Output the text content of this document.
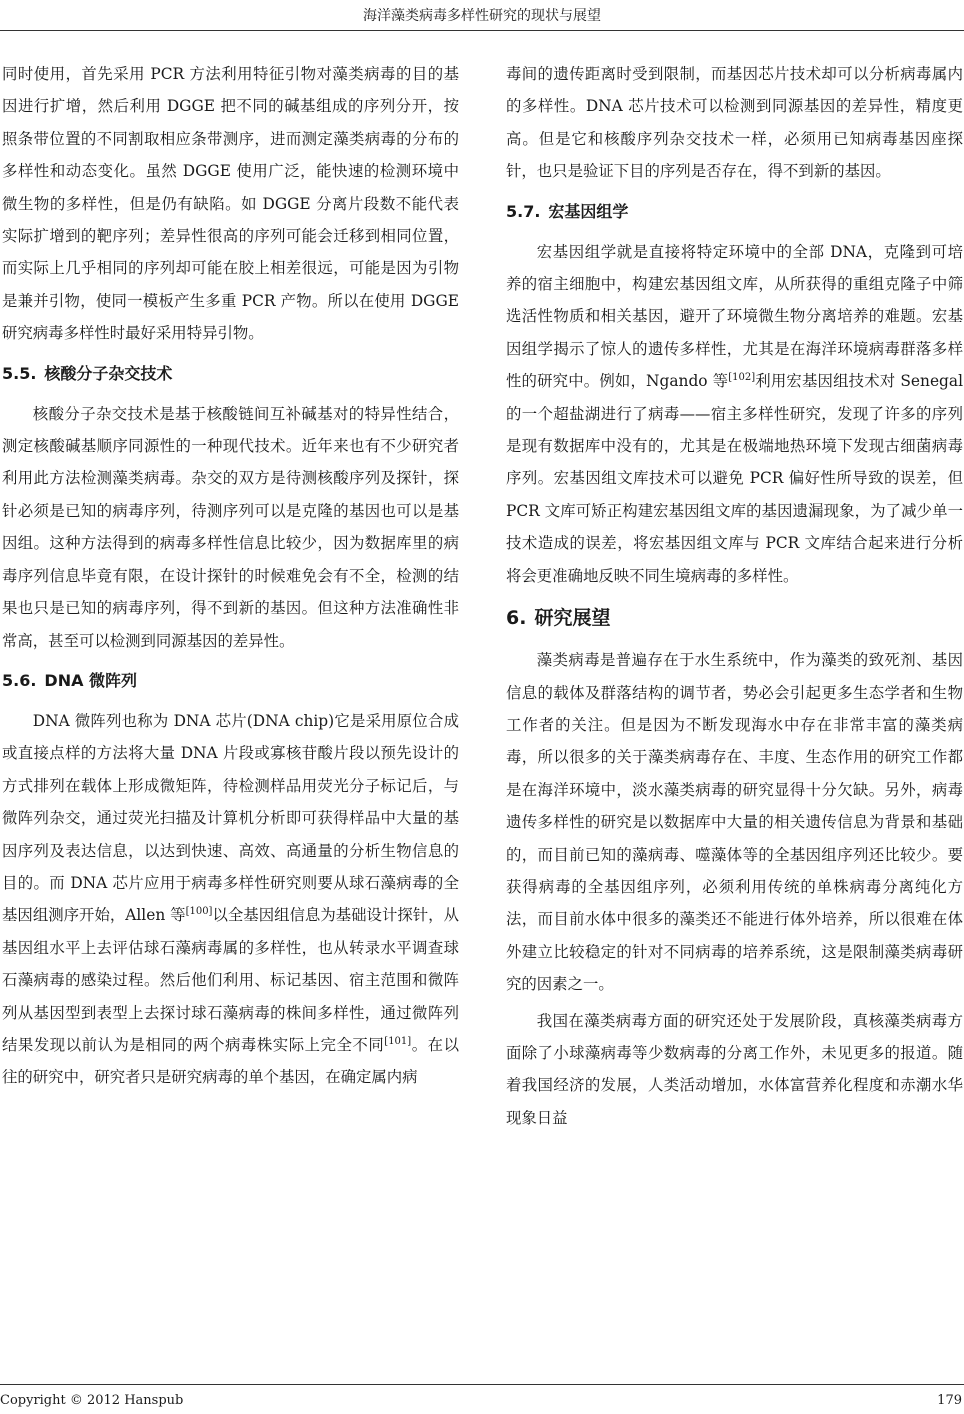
海洋藻类病毒多样性研究的现状与展望

同时使用，首先采用 PCR 方法利用特征引物对藻类病毒的目的基因进行扩增，然后利用 DGGE 把不同的碱基组成的序列分开，按照条带位置的不同割取相应条带测序，进而测定藻类病毒的分布的多样性和动态变化。虽然 DGGE 使用广泛，能快速的检测环境中微生物的多样性，但是仍有缺陷。如 DGGE 分离片段数不能代表实际扩增到的靶序列；差异性很高的序列可能会迁移到相同位置，而实际上几乎相同的序列却可能在胶上相差很远，可能是因为引物是兼并引物，使同一模板产生多重 PCR 产物。所以在使用 DGGE 研究病毒多样性时最好采用特异引物。

5.5. 核酸分子杂交技术

核酸分子杂交技术是基于核酸链间互补碱基对的特异性结合，测定核酸碱基顺序同源性的一种现代技术。近年来也有不少研究者利用此方法检测藻类病毒。杂交的双方是待测核酸序列及探针，探针必须是已知的病毒序列，待测序列可以是克隆的基因也可以是基因组。这种方法得到的病毒多样性信息比较少，因为数据库里的病毒序列信息毕竟有限，在设计探针的时候难免会有不全，检测的结果也只是已知的病毒序列，得不到新的基因。但这种方法准确性非常高，甚至可以检测到同源基因的差异性。

5.6. DNA 微阵列

DNA 微阵列也称为 DNA 芯片(DNA chip)它是采用原位合成或直接点样的方法将大量 DNA 片段或寡核苷酸片段以预先设计的方式排列在载体上形成微矩阵，待检测样品用荧光分子标记后，与微阵列杂交，通过荧光扫描及计算机分析即可获得样品中大量的基因序列及表达信息，以达到快速、高效、高通量的分析生物信息的目的。而 DNA 芯片应用于病毒多样性研究则要从球石藻病毒的全基因组测序开始，Allen 等[100]以全基因组信息为基础设计探针，从基因组水平上去评估球石藻病毒属的多样性，也从转录水平调查球石藻病毒的感染过程。然后他们利用、标记基因、宿主范围和微阵列从基因型到表型上去探讨球石藻病毒的株间多样性，通过微阵列结果发现以前认为是相同的两个病毒株实际上完全不同[101]。在以往的研究中，研究者只是研究病毒的单个基因，在确定属内病

毒间的遗传距离时受到限制，而基因芯片技术却可以分析病毒属内的多样性。DNA 芯片技术可以检测到同源基因的差异性，精度更高。但是它和核酸序列杂交技术一样，必须用已知病毒基因座探针，也只是验证下目的序列是否存在，得不到新的基因。

5.7. 宏基因组学

宏基因组学就是直接将特定环境中的全部 DNA，克隆到可培养的宿主细胞中，构建宏基因组文库，从所获得的重组克隆子中筛选活性物质和相关基因，避开了环境微生物分离培养的难题。宏基因组学揭示了惊人的遗传多样性，尤其是在海洋环境病毒群落多样性的研究中。例如，Ngando 等[102]利用宏基因组技术对 Senegal 的一个超盐湖进行了病毒——宿主多样性研究，发现了许多的序列是现有数据库中没有的，尤其是在极端地热环境下发现古细菌病毒序列。宏基因组文库技术可以避免 PCR 偏好性所导致的误差，但 PCR 文库可矫正构建宏基因组文库的基因遗漏现象，为了减少单一技术造成的误差，将宏基因组文库与 PCR 文库结合起来进行分析将会更准确地反映不同生境病毒的多样性。

6. 研究展望

藻类病毒是普遍存在于水生系统中，作为藻类的致死剂、基因信息的载体及群落结构的调节者，势必会引起更多生态学者和生物工作者的关注。但是因为不断发现海水中存在非常丰富的藻类病毒，所以很多的关于藻类病毒存在、丰度、生态作用的研究工作都是在海洋环境中，淡水藻类病毒的研究显得十分欠缺。另外，病毒遗传多样性的研究是以数据库中大量的相关遗传信息为背景和基础的，而目前已知的藻病毒、噬藻体等的全基因组序列还比较少。要获得病毒的全基因组序列，必须利用传统的单株病毒分离纯化方法，而目前水体中很多的藻类还不能进行体外培养，所以很难在体外建立比较稳定的针对不同病毒的培养系统，这是限制藻类病毒研究的因素之一。

我国在藻类病毒方面的研究还处于发展阶段，真核藻类病毒方面除了小球藻病毒等少数病毒的分离工作外，未见更多的报道。随着我国经济的发展，人类活动增加，水体富营养化程度和赤潮水华现象日益

Copyright © 2012 Hanspub	179
